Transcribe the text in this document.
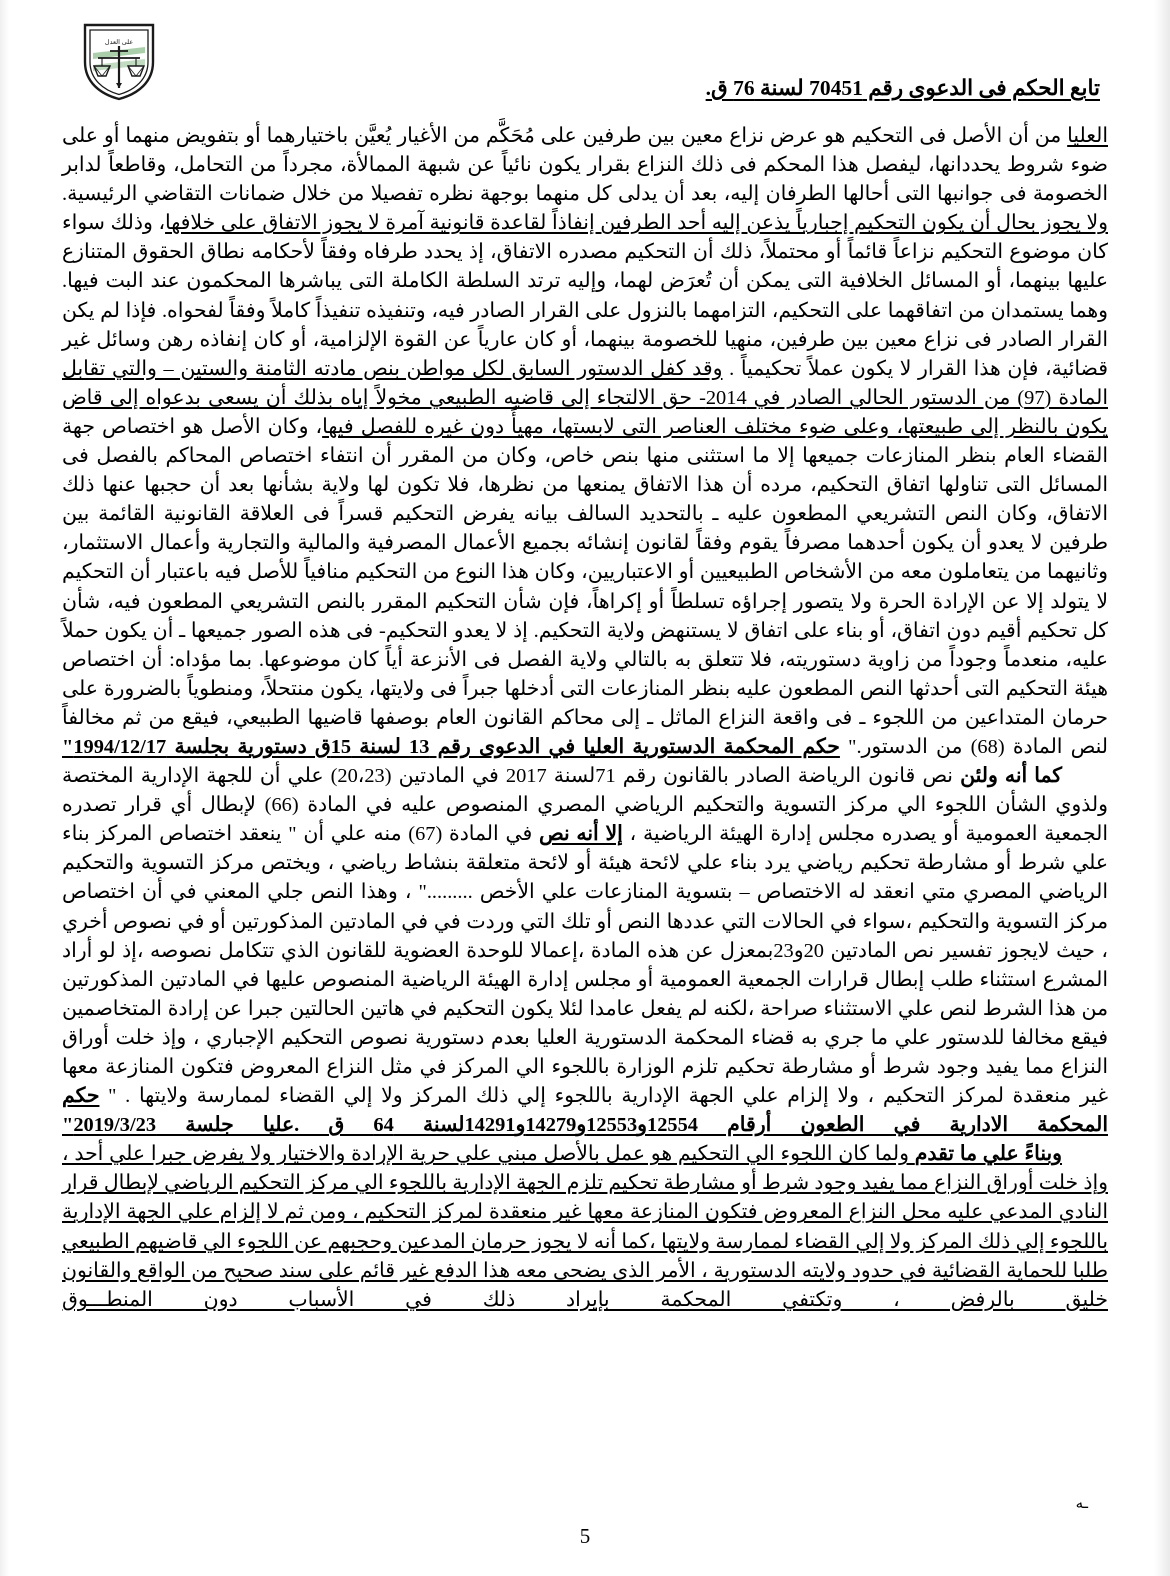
على العدل
تابع الحكم فى الدعوى رقم 70451 لسنة 76 ق.

العليا من أن الأصل فى التحكيم هو عرض نزاع معين بين طرفين على مُحَكَّم من الأغيار يُعيَّن باختيارهما أو بتفويض منهما أو على ضوء شروط يحددانها، ليفصل هذا المحكم فى ذلك النزاع بقرار يكون نائياً عن شبهة المماﻷة، مجرداً من التحامل، وقاطعاً لدابر الخصومة فى جوانبها التى أحالها الطرفان إليه، بعد أن يدلى كل منهما بوجهة نظره تفصيلا من خلال ضمانات التقاضي الرئيسية. ولا يجوز بحال أن يكون التحكيم إجبارياً يذعن إليه أحد الطرفين إنفاذاً لقاعدة قانونية آمرة لا يجوز الاتفاق على خلافها، وذلك سواء كان موضوع التحكيم نزاعاً قائماً أو محتملاً، ذلك أن التحكيم مصدره الاتفاق، إذ يحدد طرفاه وفقاً لأحكامه نطاق الحقوق المتنازع عليها بينهما، أو المسائل الخلافية التى يمكن أن تُعرَض لهما، وإليه ترتد السلطة الكاملة التى يباشرها المحكمون عند البت فيها. وهما يستمدان من اتفاقهما على التحكيم، التزامهما بالنزول على القرار الصادر فيه، وتنفيذه تنفيذاً كاملاً وفقاً لفحواه. فإذا لم يكن القرار الصادر فى نزاع معين بين طرفين، منهيا للخصومة بينهما، أو كان عارياً عن القوة الإلزامية، أو كان إنفاذه رهن وسائل غير قضائية، فإن هذا القرار لا يكون عملاً تحكيمياً . وقد كفل الدستور السابق لكل مواطن بنص مادته الثامنة والستين – والتي تقابل المادة (97) من الدستور الحالي الصادر في 2014- حق الالتجاء إلى قاضيه الطبيعي مخولاً إياه بذلك أن يسعى بدعواه إلى قاض يكون بالنظر إلى طبيعتها، وعلى ضوء مختلف العناصر التى لابستها، مهيأً دون غيره للفصل فيها، وكان الأصل هو اختصاص جهة القضاء العام بنظر المنازعات جميعها إلا ما استثنى منها بنص خاص، وكان من المقرر أن انتفاء اختصاص المحاكم بالفصل فى المسائل التى تناولها اتفاق التحكيم، مرده أن هذا الاتفاق يمنعها من نظرها، فلا تكون لها ولاية بشأنها بعد أن حجبها عنها ذلك الاتفاق، وكان النص التشريعي المطعون عليه ـ بالتحديد السالف بيانه يفرض التحكيم قسراً فى العلاقة القانونية القائمة بين طرفين لا يعدو أن يكون أحدهما مصرفاً يقوم وفقاً لقانون إنشائه بجميع الأعمال المصرفية والمالية والتجارية وأعمال الاستثمار، وثانيهما من يتعاملون معه من الأشخاص الطبيعيين أو الاعتباريين، وكان هذا النوع من التحكيم منافياً للأصل فيه باعتبار أن التحكيم لا يتولد إلا عن الإرادة الحرة ولا يتصور إجراؤه تسلطاً أو إكراهاً، فإن شأن التحكيم المقرر بالنص التشريعي المطعون فيه، شأن كل تحكيم أقيم دون اتفاق، أو بناء على اتفاق لا يستنهض ولاية التحكيم. إذ لا يعدو التحكيم- فى هذه الصور جميعها ـ أن يكون حملاً عليه، منعدماً وجوداً من زاوية دستوريته، فلا تتعلق به بالتالي ولاية الفصل فى الأنزعة أياً كان موضوعها. بما مؤداه: أن اختصاص هيئة التحكيم التى أحدثها النص المطعون عليه بنظر المنازعات التى أدخلها جبراً فى ولايتها، يكون منتحلاً، ومنطوياً بالضرورة على حرمان المتداعين من اللجوء ـ فى واقعة النزاع الماثل ـ إلى محاكم القانون العام بوصفها قاضيها الطبيعي، فيقع من ثم مخالفاً لنص المادة (68) من الدستور." حكم المحكمة الدستورية العليا في الدعوى رقم 13 لسنة 15ق دستورية بجلسة 1994/12/17"

كما أنه ولئن نص قانون الرياضة الصادر بالقانون رقم 71لسنة 2017 في المادتين (20،23) علي أن للجهة الإدارية المختصة ولذوي الشأن اللجوء الي مركز التسوية والتحكيم الرياضي المصري المنصوص عليه في المادة (66) لإبطال أي قرار تصدره الجمعية العمومية أو يصدره مجلس إدارة الهيئة الرياضية ، إلا أنه نص في المادة (67) منه علي أن " ينعقد اختصاص المركز بناء علي شرط أو مشارطة تحكيم رياضي يرد بناء علي لائحة هيئة أو لائحة متعلقة بنشاط رياضي ، ويختص مركز التسوية والتحكيم الرياضي المصري متي انعقد له الاختصاص – بتسوية المنازعات علي الأخص ........." ، وهذا النص جلي المعني في أن اختصاص مركز التسوية والتحكيم ،سواء في الحالات التي عددها النص أو تلك التي وردت في في المادتين المذكورتين أو في نصوص أخري ، حيث لايجوز تفسير نص المادتين 20و23بمعزل عن هذه المادة ،إعمالا للوحدة العضوية للقانون الذي تتكامل نصوصه ،إذ لو أراد المشرع استثناء طلب إبطال قرارات الجمعية العمومية أو مجلس إدارة الهيئة الرياضية المنصوص عليها في المادتين المذكورتين من هذا الشرط لنص علي الاستثناء صراحة ،لكنه لم يفعل عامدا لئلا يكون التحكيم في هاتين الحالتين جبرا عن إرادة المتخاصمين فيقع مخالفا للدستور علي ما جري به قضاء المحكمة الدستورية العليا بعدم دستورية نصوص التحكيم الإجباري ، وإذ خلت أوراق النزاع مما يفيد وجود شرط أو مشارطة تحكيم تلزم الوزارة باللجوء الي المركز في مثل النزاع المعروض فتكون المنازعة معها غير منعقدة لمركز التحكيم ، ولا إلزام علي الجهة الإدارية باللجوء إلي ذلك المركز ولا إلي القضاء لممارسة ولايتها . " حكم المحكمة الادارية في الطعون أرقام 12554و12553و14279و14291لسنة 64 ق .عليا جلسة 2019/3/23"

وبناءً علي ما تقدم ولما كان اللجوء الي التحكيم هو عمل بالأصل مبني علي حرية الإرادة والاختيار ولا يفرض جبرا علي أحد ، وإذ خلت أوراق النزاع مما يفيد وجود شرط أو مشارطة تحكيم تلزم الجهة الإدارية باللجوء الي مركز التحكيم الرياضي لإبطال قرار النادي المدعي عليه محل النزاع المعروض فتكون المنازعة معها غير منعقدة لمركز التحكيم ، ومن ثم لا إلزام علي الجهة الإدارية باللجوء إلي ذلك المركز ولا إلي القضاء لممارسة ولايتها ،كما أنه لا يجوز حرمان المدعين وحجبهم عن اللجوء الي قاضيهم الطبيعي طلبا للحماية القضائية في حدود ولايته الدستورية ، الأمر الذى يضحى معه هذا الدفع غير قائم على سند صحيح من الواقع والقانون خليق بالرفض ، وتكتفي المحكمة بإيراد ذلك في الأسباب دون المنطـــوق

ـه
5
